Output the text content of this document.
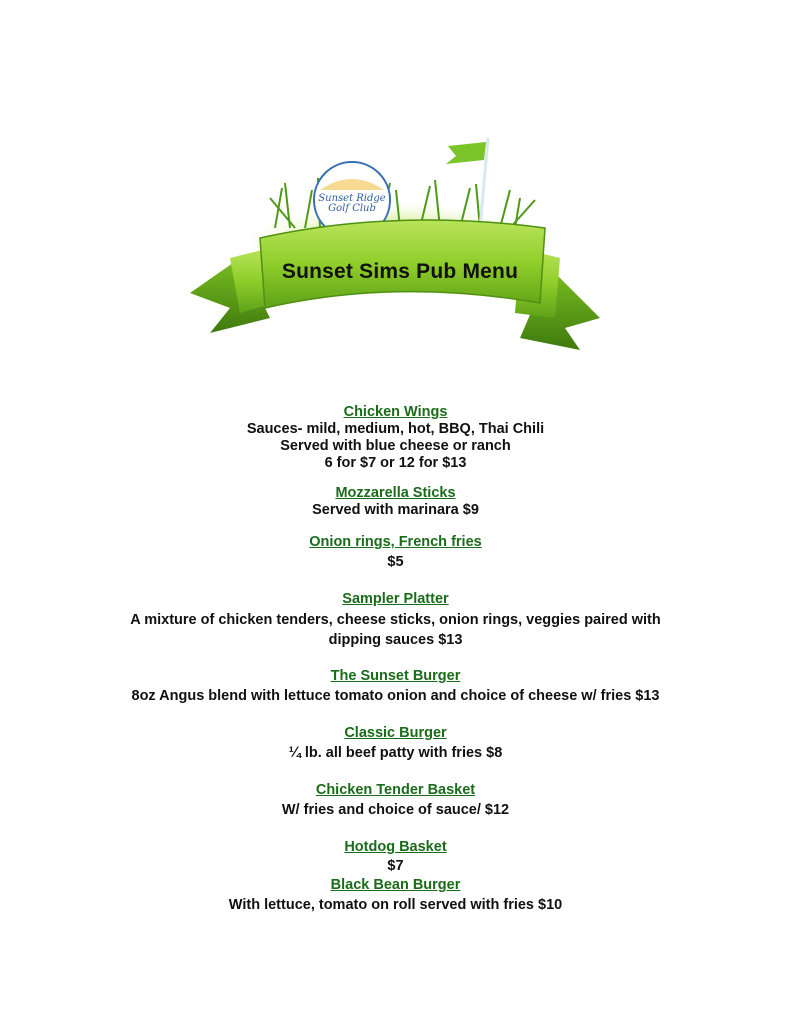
Sunset Ridge Golf Club
Sunset Sims Pub Menu
Chicken Wings
Sauces- mild, medium, hot, BBQ, Thai Chili
Served with blue cheese or ranch
6 for $7 or 12 for $13
Mozzarella Sticks
Served with marinara $9
Onion rings, French fries
$5
Sampler Platter
A mixture of chicken tenders, cheese sticks, onion rings, veggies paired with
dipping sauces $13
The Sunset Burger
8oz Angus blend with lettuce tomato onion and choice of cheese w/ fries $13
Classic Burger
¼ lb. all beef patty with fries $8
Chicken Tender Basket
W/ fries and choice of sauce/ $12
Hotdog Basket
$7
Black Bean Burger
With lettuce, tomato on roll served with fries $10
